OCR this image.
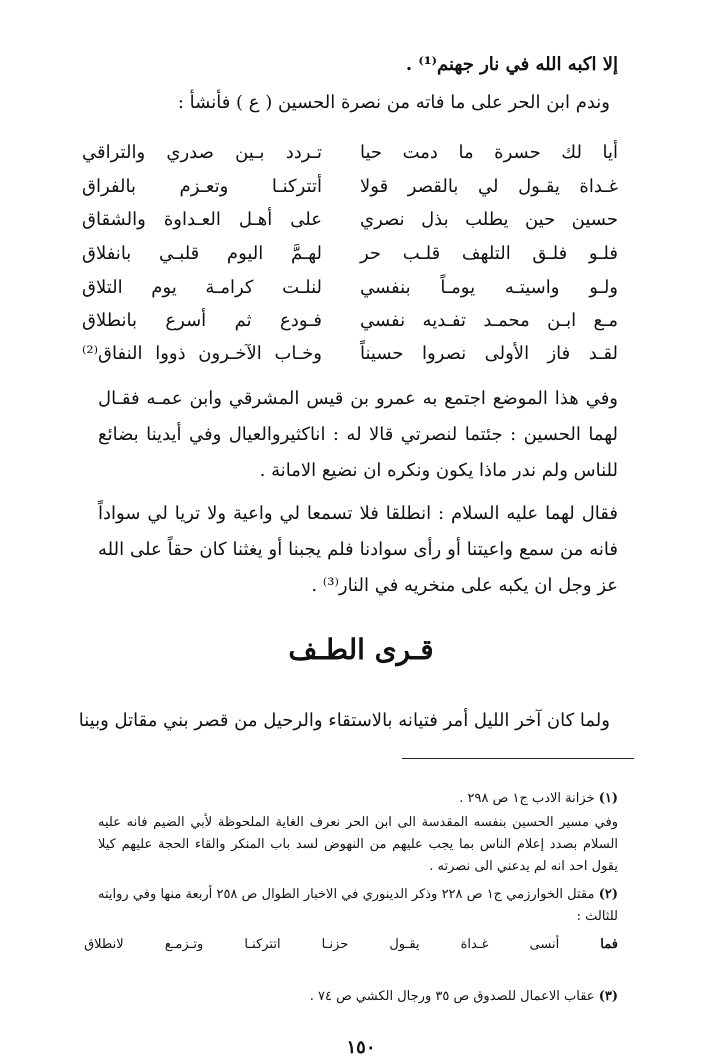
إلا اكبه الله في نار جهنم⁽¹⁾ .
وندم ابن الحر على ما فاته من نصرة الحسين ( ع ) فأنشأ :
أيا لك حسرة ما دمت حيا
تـردد بـين صدري والتراقي
غـداة يقـول لي بالقصر قولا
أتتركنـا وتعـزم بالفراق
حسين حين يطلب بذل نصري
على أهـل العـداوة والشقاق
فلـو فلـق التلهف قلـب حر
لهـمَّ اليوم قلبـي بانفلاق
ولـو واسيتـه يومـاً بنفسي
لنلـت كرامـة يوم التلاق
مـع ابـن محمـد تفـديه نفسي
فـودع ثم أسرع بانطلاق
لقـد فاز الأولى نصروا حسيناً
وخـاب الآخـرون ذووا النفاق⁽²⁾
وفي هذا الموضع اجتمع به عمرو بن قيس المشرقي وابن عمـه فقـال لهما الحسين : جئتما لنصرتي قالا له : اناكثيروالعيال وفي أيدينا بضائع للناس ولم ندر ماذا يكون ونكره ان نضيع الامانة .
فقال لهما عليه السلام : انطلقا فلا تسمعا لي واعية ولا تريا لي سواداً فانه من سمع واعيتنا أو رأى سوادنا فلم يجبنا أو يغثنا كان حقاً على الله عز وجل ان يكبه على منخريه في النار⁽³⁾ .
قـرى الطـف
ولما كان آخر الليل أمر فتيانه بالاستقاء والرحيل من قصر بني مقاتل وبينا
(١) خزانة الادب ج١ ص ٢٩٨ .
وفي مسير الحسين بنفسه المقدسة الى ابن الحر نعرف الغاية الملحوظة لأبي الضيم فانه عليه السلام بصدد إعلام الناس بما يجب عليهم من النهوض لسد باب المنكر والقاء الحجة عليهم كيلا يقول احد انه لم يدعني الى نصرته .
(٢) مقتل الخوارزمي ج١ ص ٢٢٨ وذكر الدينوري في الاخبار الطوال ص ٢٥٨ أربعة منها وفي روايته للثالث :
فما
أنسى
غـداة
يقـول
حزنـا
اتتركنـا
وتـزمـع
لانطلاق
(٣) عقاب الاعمال للصدوق ص ٣٥ ورجال الكشي ص ٧٤ .
١٥٠
